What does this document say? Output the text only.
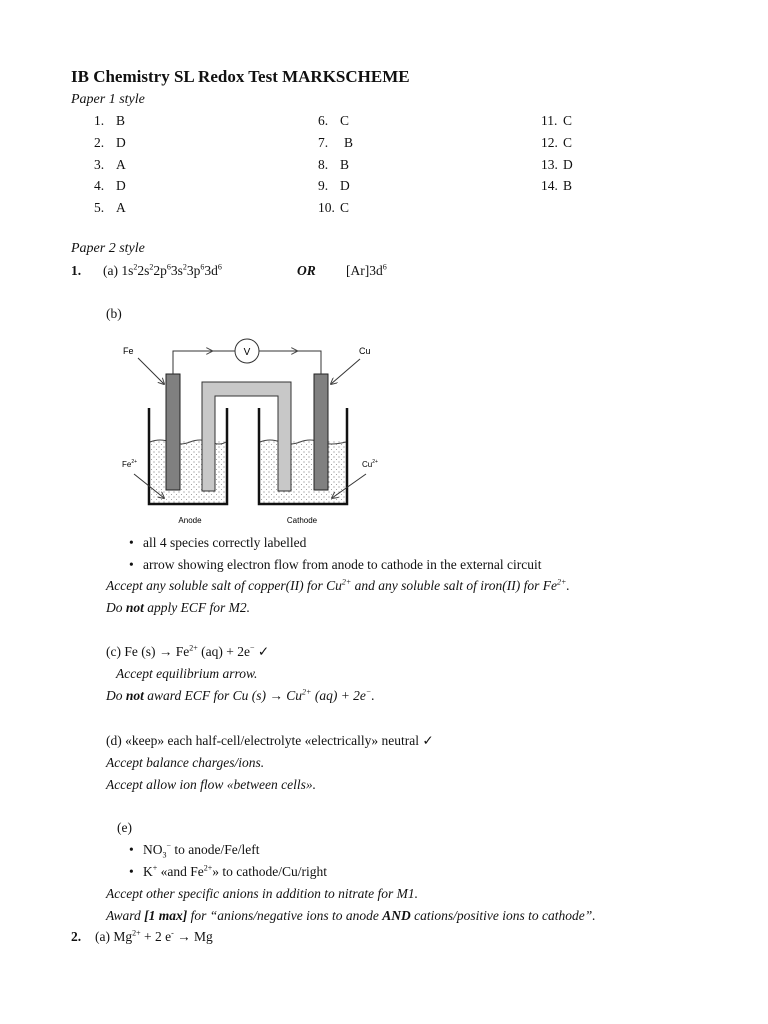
IB Chemistry SL Redox Test MARKSCHEME
Paper 1 style
1. B
2. D
3. A
4. D
5. A
6. C
7. B
8. B
9. D
10. C
11. C
12. C
13. D
14. B
Paper 2 style
1. (a) $1s^22s^22p^63s^23p^63d^6$	OR $[Ar]3d^6$
(b)
V
Fe	Cu
$Fe^{2+}$	$Cu^{2+}$
Anode	Cathode
• all 4 species correctly labelled
• arrow showing electron flow from anode to cathode in the external circuit
Accept any soluble salt of copper(II) for $Cu^{2+}$ and any soluble salt of iron(II) for $Fe^{2+}$.
Do not apply ECF for M2.
(c) Fe $(s) \to Fe^{2+}$ (aq) + 2e− ✓
Accept equilibrium arrow.
Do not award ECF for Cu $(s) \to Cu^{2+}$ (aq) + 2e−.
(d) «keep» each half-cell/electrolyte «electrically» neutral ✓
Accept balance charges/ions.
Accept allow ion flow «between cells».
(e)
• $NO_3^-$ to anode/Fe/left
• K+ «and $Fe^{2+}$» to cathode/Cu/right
Accept other specific anions in addition to nitrate for M1.
Award [1 max] for “anions/negative ions to anode AND cations/positive ions to cathode”.
2. (a) $Mg^{2+} + 2$ e- → Mg
